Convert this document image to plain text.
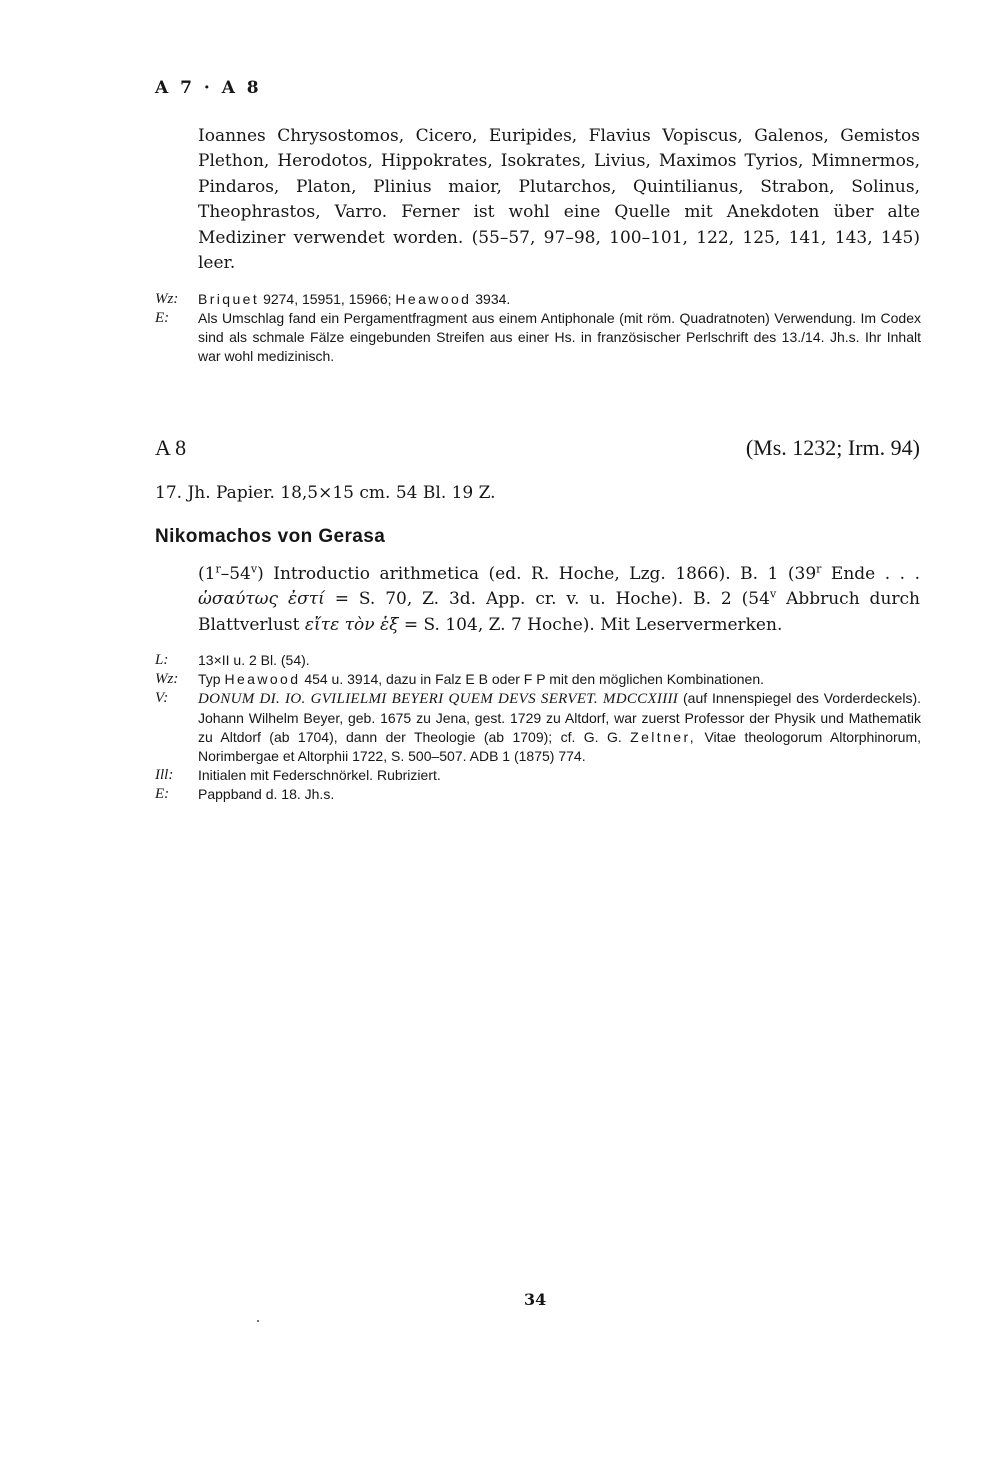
A 7 · A 8
Ioannes Chrysostomos, Cicero, Euripides, Flavius Vopiscus, Galenos, Gemistos Plethon, Herodotos, Hippokrates, Isokrates, Livius, Maximos Tyrios, Mimnermos, Pindaros, Platon, Plinius maior, Plutarchos, Quintilianus, Strabon, Solinus, Theophrastos, Varro. Ferner ist wohl eine Quelle mit Anekdoten über alte Mediziner verwendet worden. (55–57, 97–98, 100–101, 122, 125, 141, 143, 145) leer.
Wz:	Briquet 9274, 15951, 15966; Heawood 3934.
E:	Als Umschlag fand ein Pergamentfragment aus einem Antiphonale (mit röm. Quadratnoten) Verwendung. Im Codex sind als schmale Fälze eingebunden Streifen aus einer Hs. in französischer Perlschrift des 13./14. Jh.s. Ihr Inhalt war wohl medizinisch.
A 8	(Ms. 1232; Irm. 94)
17. Jh. Papier. 18,5×15 cm. 54 Bl. 19 Z.
Nikomachos von Gerasa
(1$^r$–54$^v$) Introductio arithmetica (ed. R. Hoche, Lzg. 1866). B. 1 (39$^r$ Ende . . . ὡσαύτως ἐστί = S. 70, Z. 3d. App. cr. v. u. Hoche). B. 2 (54$^v$ Abbruch durch Blattverlust εἴτε τὸν ἑξ = S. 104, Z. 7 Hoche). Mit Leservermerken.
L:	13×II u. 2 Bl. (54).
Wz:	Typ Heawood 454 u. 3914, dazu in Falz E B oder F P mit den möglichen Kombinationen.
V:	DONUM DI. IO. GVILIELMI BEYERI QUEM DEVS SERVET. MDCCXIIII (auf Innenspiegel des Vorderdeckels). Johann Wilhelm Beyer, geb. 1675 zu Jena, gest. 1729 zu Altdorf, war zuerst Professor der Physik und Mathematik zu Altdorf (ab 1704), dann der Theologie (ab 1709); cf. G. G. Zeltner, Vitae theologorum Altorphinorum, Norimbergae et Altorphii 1722, S. 500–507. ADB 1 (1875) 774.
Ill:	Initialen mit Federschnörkel. Rubriziert.
E:	Pappband d. 18. Jh.s.
34
